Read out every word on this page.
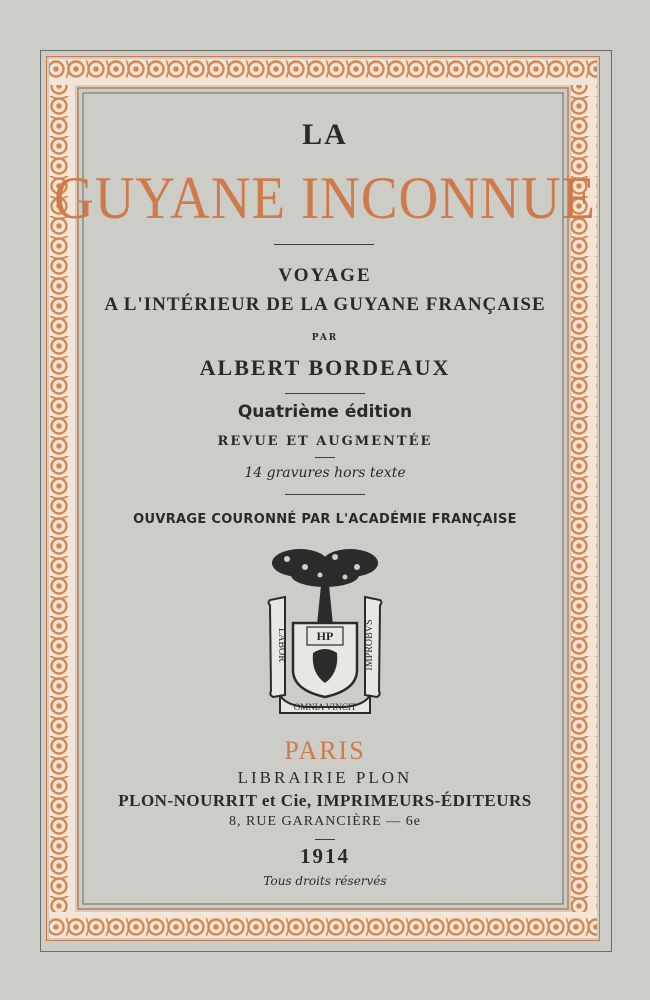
LA
GUYANE INCONNUE
VOYAGE
A L'INTÉRIEUR DE LA GUYANE FRANÇAISE
PAR
ALBERT BORDEAUX
Quatrième édition
REVUE ET AUGMENTÉE
14 gravures hors texte
OUVRAGE COURONNÉ PAR L'ACADÉMIE FRANÇAISE
HP
LABOR	IMPROBVS
OMNIA VINCIT
PARIS
LIBRAIRIE PLON
PLON-NOURRIT et Cie, IMPRIMEURS-ÉDITEURS
8, RUE GARANCIÈRE — 6e
1914
Tous droits réservés
